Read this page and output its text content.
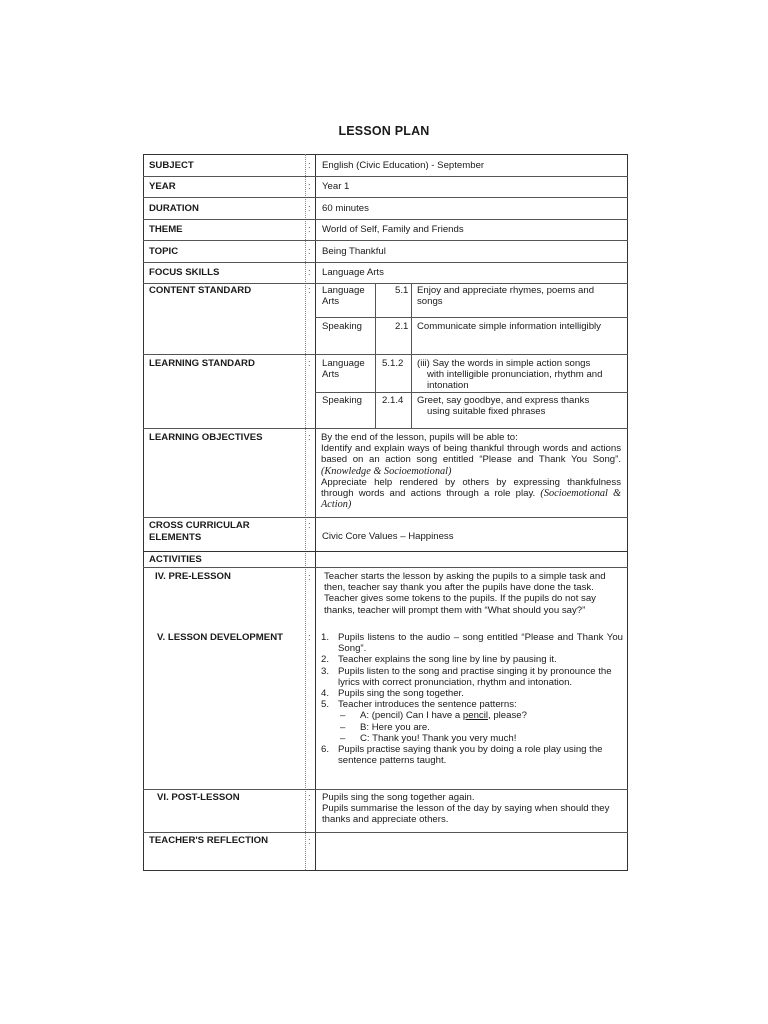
LESSON PLAN
SUBJECT	: English (Civic Education) - September
YEAR	: Year 1
DURATION	: 60 minutes
THEME	: World of Self, Family and Friends
TOPIC	: Being Thankful
FOCUS SKILLS	: Language Arts
CONTENT STANDARD	: Language
Arts
5.1 Enjoy and appreciate rhymes, poems and
songs
Speaking	2.1 Communicate simple information intelligibly
LEARNING STANDARD	: Language
Arts
5.1.2 (iii) Say the words in simple action songs
with intelligible pronunciation, rhythm and
intonation
Speaking 2.1.4 Greet, say goodbye, and express thanks
using suitable fixed phrases
LEARNING OBJECTIVES	: By the end of the lesson, pupils will be able to:

Identify and explain ways of being thankful through words and actions based on an action song entitled “Please and Thank You Song”. (Knowledge & Socioemotional)

Appreciate help rendered by others by expressing thankfulness through words and actions through a role play. (Socioemotional & Action)

CROSS CURRICULAR
ELEMENTS
:
Civic Core Values – Happiness
ACTIVITIES
IV. PRE-LESSON	: Teacher starts the lesson by asking the pupils to a simple task and then, teacher say thank you after the pupils have done the task.

Teacher gives some tokens to the pupils. If the pupils do not say thanks, teacher will prompt them with “What should you say?”

V. LESSON DEVELOPMENT	: 1. Pupils listens to the audio – song entitled “Please and Thank You Song”.
2. Teacher explains the song line by line by pausing it.
3. Pupils listen to the song and practise singing it by pronounce the lyrics with correct pronunciation, rhythm and intonation.
4. Pupils sing the song together.
5. Teacher introduces the sentence patterns:
–	A: (pencil) Can I have a pencil, please?
–	B: Here you are.
–	C: Thank you! Thank you very much!
6. Pupils practise saying thank you by doing a role play using the sentence patterns taught.
VI. POST-LESSON	: Pupils sing the song together again.

Pupils summarise the lesson of the day by saying when should they thanks and appreciate others.

TEACHER'S REFLECTION	:
